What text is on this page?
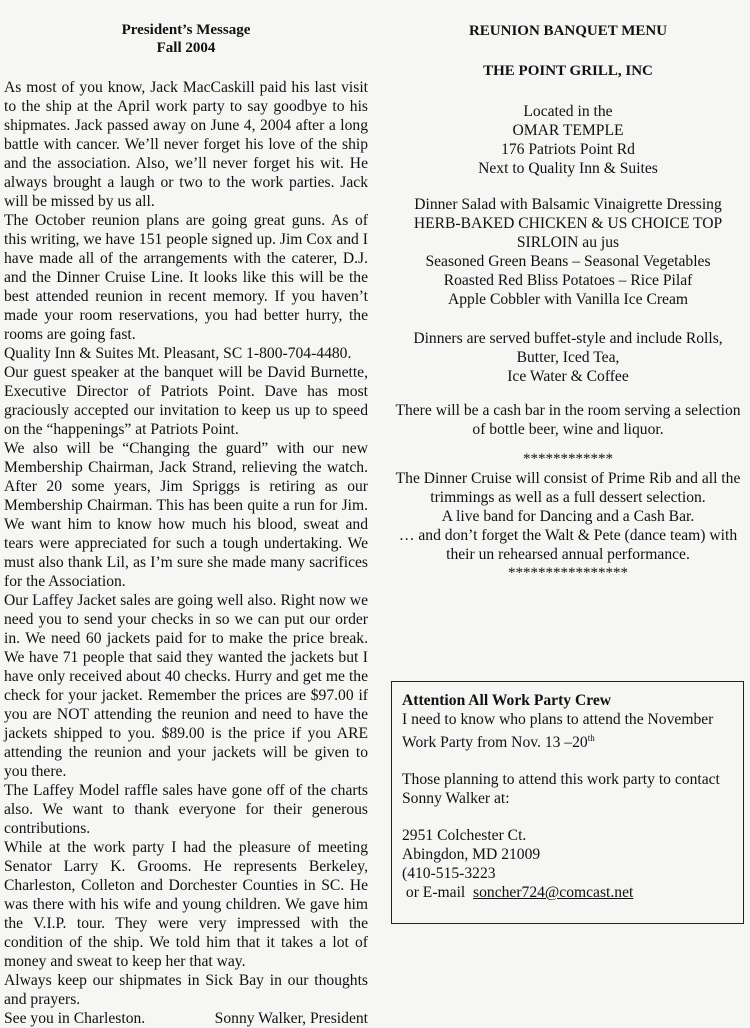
President’s Message
Fall 2004

As most of you know, Jack MacCaskill paid his last visit to the ship at the April work party to say goodbye to his shipmates. Jack passed away on June 4, 2004 after a long battle with cancer. We’ll never forget his love of the ship and the association. Also, we’ll never forget his wit. He always brought a laugh or two to the work parties. Jack will be missed by us all.

The October reunion plans are going great guns. As of this writing, we have 151 people signed up. Jim Cox and I have made all of the arrangements with the caterer, D.J. and the Dinner Cruise Line. It looks like this will be the best attended reunion in recent memory. If you haven’t made your room reservations, you had better hurry, the rooms are going fast.

Quality Inn & Suites Mt. Pleasant, SC 1-800-704-4480.

Our guest speaker at the banquet will be David Burnette, Executive Director of Patriots Point. Dave has most graciously accepted our invitation to keep us up to speed on the “happenings” at Patriots Point.

We also will be “Changing the guard” with our new Membership Chairman, Jack Strand, relieving the watch. After 20 some years, Jim Spriggs is retiring as our Membership Chairman. This has been quite a run for Jim. We want him to know how much his blood, sweat and tears were appreciated for such a tough undertaking. We must also thank Lil, as I’m sure she made many sacrifices for the Association.

Our Laffey Jacket sales are going well also. Right now we need you to send your checks in so we can put our order in. We need 60 jackets paid for to make the price break. We have 71 people that said they wanted the jackets but I have only received about 40 checks. Hurry and get me the check for your jacket. Remember the prices are $97.00 if you are NOT attending the reunion and need to have the jackets shipped to you. $89.00 is the price if you ARE attending the reunion and your jackets will be given to you there.

The Laffey Model raffle sales have gone off of the charts also. We want to thank everyone for their generous contributions.

While at the work party I had the pleasure of meeting Senator Larry K. Grooms. He represents Berkeley, Charleston, Colleton and Dorchester Counties in SC. He was there with his wife and young children. We gave him the V.I.P. tour. They were very impressed with the condition of the ship. We told him that it takes a lot of money and sweat to keep her that way.

Always keep our shipmates in Sick Bay in our thoughts and prayers.

See you in Charleston.	Sonny Walker, President
REUNION BANQUET MENU
THE POINT GRILL, INC
Located in the
OMAR TEMPLE
176 Patriots Point Rd
Next to Quality Inn & Suites
Dinner Salad with Balsamic Vinaigrette Dressing
HERB-BAKED CHICKEN & US CHOICE TOP
SIRLOIN au jus
Seasoned Green Beans – Seasonal Vegetables
Roasted Red Bliss Potatoes – Rice Pilaf
Apple Cobbler with Vanilla Ice Cream
Dinners are served buffet-style and include Rolls,
Butter, Iced Tea,
Ice Water & Coffee
There will be a cash bar in the room serving a selection
of bottle beer, wine and liquor.
************
The Dinner Cruise will consist of Prime Rib and all the
trimmings as well as a full dessert selection.
A live band for Dancing and a Cash Bar.
… and don’t forget the Walt & Pete (dance team) with
their un rehearsed annual performance.
****************
Attention All Work Party Crew
I need to know who plans to attend the November
Work Party from Nov. 13 –20th
Those planning to attend this work party to contact
Sonny Walker at:
2951 Colchester Ct.
Abingdon, MD 21009
(410-515-3223
or E-mail soncher724@comcast.net
